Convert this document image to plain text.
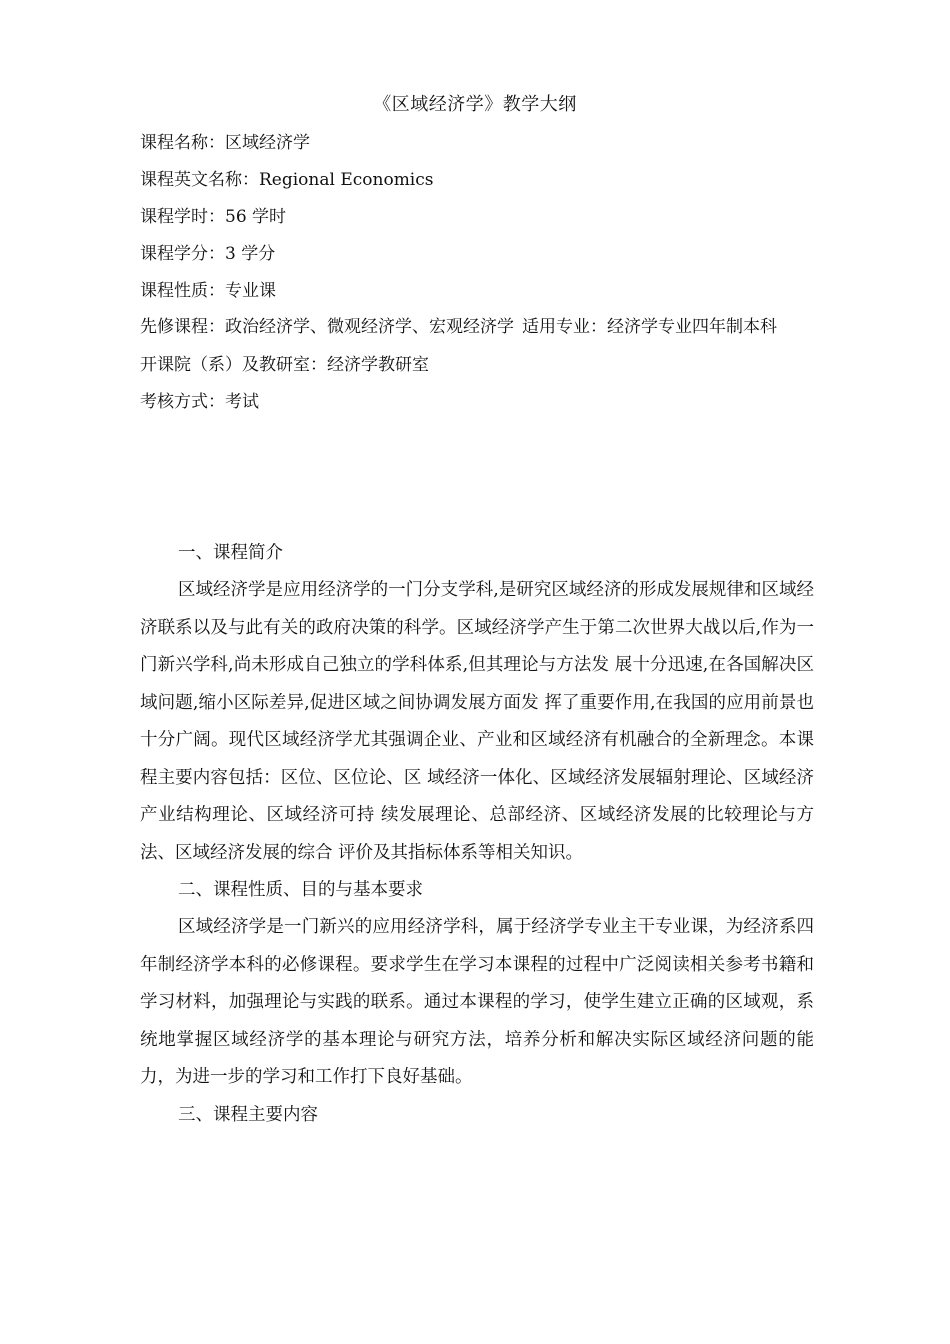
《区域经济学》教学大纲

课程名称：区域经济学

课程英文名称：Regional Economics

课程学时：56 学时

课程学分：3 学分

课程性质：专业课

先修课程：政治经济学、微观经济学、宏观经济学 适用专业：经济学专业四年制本科

开课院（系）及教研室：经济学教研室

考核方式：考试

一、课程简介

区域经济学是应用经济学的一门分支学科,是研究区域经济的形成发展规律和区域经济联系以及与此有关的政府决策的科学。区域经济学产生于第二次世界大战以后,作为一门新兴学科,尚未形成自己独立的学科体系,但其理论与方法发 展十分迅速,在各国解决区域问题,缩小区际差异,促进区域之间协调发展方面发 挥了重要作用,在我国的应用前景也十分广阔。现代区域经济学尤其强调企业、产业和区域经济有机融合的全新理念。本课程主要内容包括：区位、区位论、区 域经济一体化、区域经济发展辐射理论、区域经济产业结构理论、区域经济可持 续发展理论、总部经济、区域经济发展的比较理论与方法、区域经济发展的综合 评价及其指标体系等相关知识。

二、课程性质、目的与基本要求

区域经济学是一门新兴的应用经济学科，属于经济学专业主干专业课，为经济系四年制经济学本科的必修课程。要求学生在学习本课程的过程中广泛阅读相关参考书籍和学习材料，加强理论与实践的联系。通过本课程的学习，使学生建立正确的区域观，系统地掌握区域经济学的基本理论与研究方法，培养分析和解决实际区域经济问题的能力，为进一步的学习和工作打下良好基础。

三、课程主要内容
